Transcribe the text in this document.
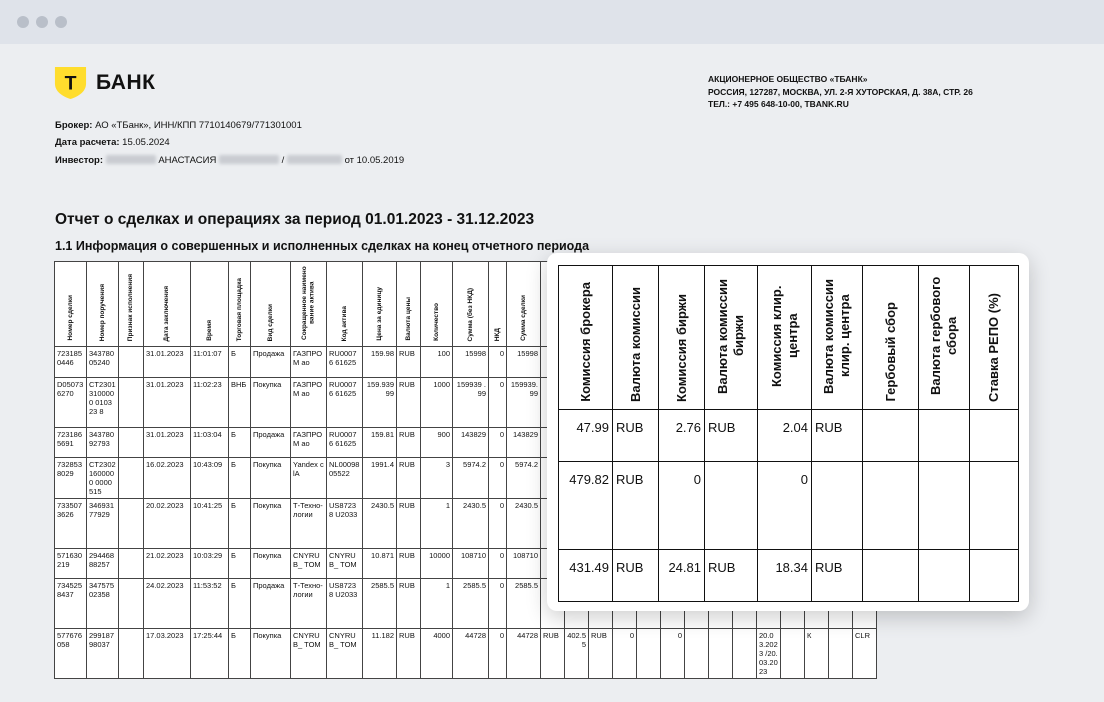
Т БАНК	АКЦИОНЕРНОЕ ОБЩЕСТВО «ТБАНК»
РОССИЯ, 127287, МОСКВА, УЛ. 2-Я ХУТОРСКАЯ, Д. 38А, СТР. 26
ТЕЛ.: +7 495 648-10-00, TBANK.RU
Брокер: АО «ТБанк», ИНН/КПП 7710140679/771301001
Дата расчета: 15.05.2024
Инвестор:	АНАСТАСИЯ	/	от 10.05.2019
Отчет о сделках и операциях за период 01.01.2023 - 31.12.2023
1.1 Информация о совершенных и исполненных сделках на конец отчетного периода
Номер сделки	Номер поручения	Признак исполнения	Дата заключения	Время	Торговая площадка	Вид сделки	Сокращенное наименование актива	Код актива	Цена за единицу	Валюта цены	Количество	Сумма (без НКД)	НКД	Сумма сделки														
723185 0446	343780 05240		31.01.2023	11:01:07	Б	Продажа	ГАЗПРОМ ао	RU00076 61625	159.98	RUB	100	15998	0	15998														
D05073 6270	CT2301 3100000 010323 8		31.01.2023	11:02:23	ВНБ	Покупка	ГАЗПРОМ ао	RU00076 61625	159.939 99	RUB	1000	159939 .99	0	159939. 99														
723186 5691	343780 92793		31.01.2023	11:03:04	Б	Продажа	ГАЗПРОМ ао	RU00076 61625	159.81	RUB	900	143829	0	143829														
732853 8029	CT2302 1600000 0000515		16.02.2023	10:43:09	Б	Покупка	Yandex clA	NL00098 05522	1991.4	RUB	3	5974.2	0	5974.2														
733507 3626	346931 77929		20.02.2023	10:41:25	Б	Покупка	Т-Техно- логии	US87238 U2033	2430.5	RUB	1	2430.5	0	2430.5														
571630 219	294468 88257		21.02.2023	10:03:29	Б	Покупка	CNYRUB_ TOM	CNYRUB_ TOM	10.871	RUB	10000	108710	0	108710														
734525 8437	347575 02358		24.02.2023	11:53:52	Б	Продажа	Т-Техно- логии	US87238 U2033	2585.5	RUB	1	2585.5	0	2585.5														
577676 058	299187 98037		17.03.2023	17:25:44	Б	Покупка	CNYRUB_ TOM	CNYRUB_ TOM	11.182	RUB	4000	44728	0	44728	RUB	402.55	RUB	0		0				20.03.2023 /20.03.2023		К		CLR
Комиссия брокера	Валюта комиссии	Комиссия биржи	Валюта комиссии биржи	Комиссия клир. центра	Валюта комиссии клир. центра	Гербовый сбор	Валюта гербового сбора	Ставка РЕПО (%)
47.99	RUB	2.76	RUB	2.04	RUB			
479.82	RUB	0		0				
431.49	RUB	24.81	RUB	18.34	RUB			
